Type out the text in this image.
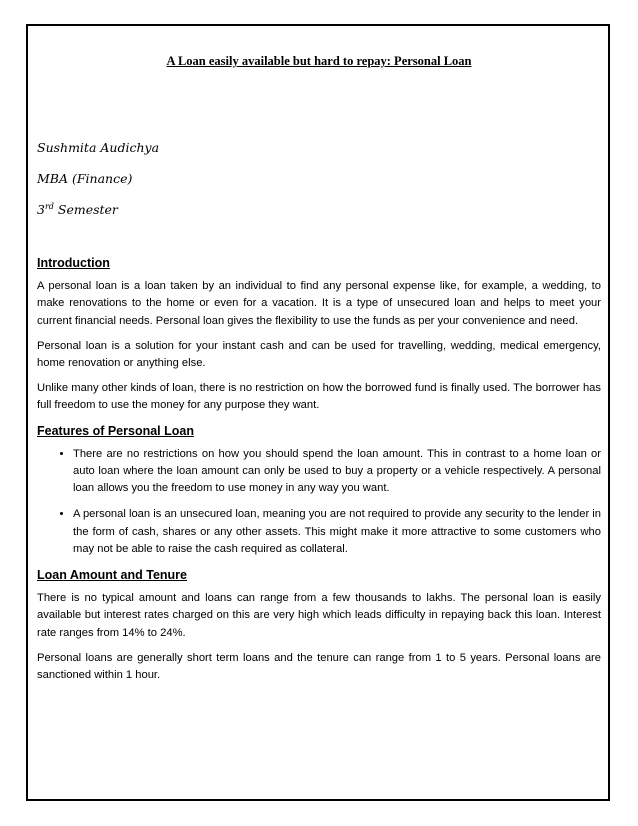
A Loan easily available but hard to repay: Personal Loan
Sushmita Audichya
MBA (Finance)
3rd Semester
Introduction

A personal loan is a loan taken by an individual to find any personal expense like, for example, a wedding, to make renovations to the home or even for a vacation. It is a type of unsecured loan and helps to meet your current financial needs. Personal loan gives the flexibility to use the funds as per your convenience and need.

Personal loan is a solution for your instant cash and can be used for travelling, wedding, medical emergency, home renovation or anything else.

Unlike many other kinds of loan, there is no restriction on how the borrowed fund is finally used. The borrower has full freedom to use the money for any purpose they want.

Features of Personal Loan
• There are no restrictions on how you should spend the loan amount. This in contrast to a home loan or auto loan where the loan amount can only be used to buy a property or a vehicle respectively. A personal loan allows you the freedom to use money in any way you want.
• A personal loan is an unsecured loan, meaning you are not required to provide any security to the lender in the form of cash, shares or any other assets. This might make it more attractive to some customers who may not be able to raise the cash required as collateral.
Loan Amount and Tenure

There is no typical amount and loans can range from a few thousands to lakhs. The personal loan is easily available but interest rates charged on this are very high which leads difficulty in repaying back this loan. Interest rate ranges from 14% to 24%.

Personal loans are generally short term loans and the tenure can range from 1 to 5 years. Personal loans are sanctioned within 1 hour.
